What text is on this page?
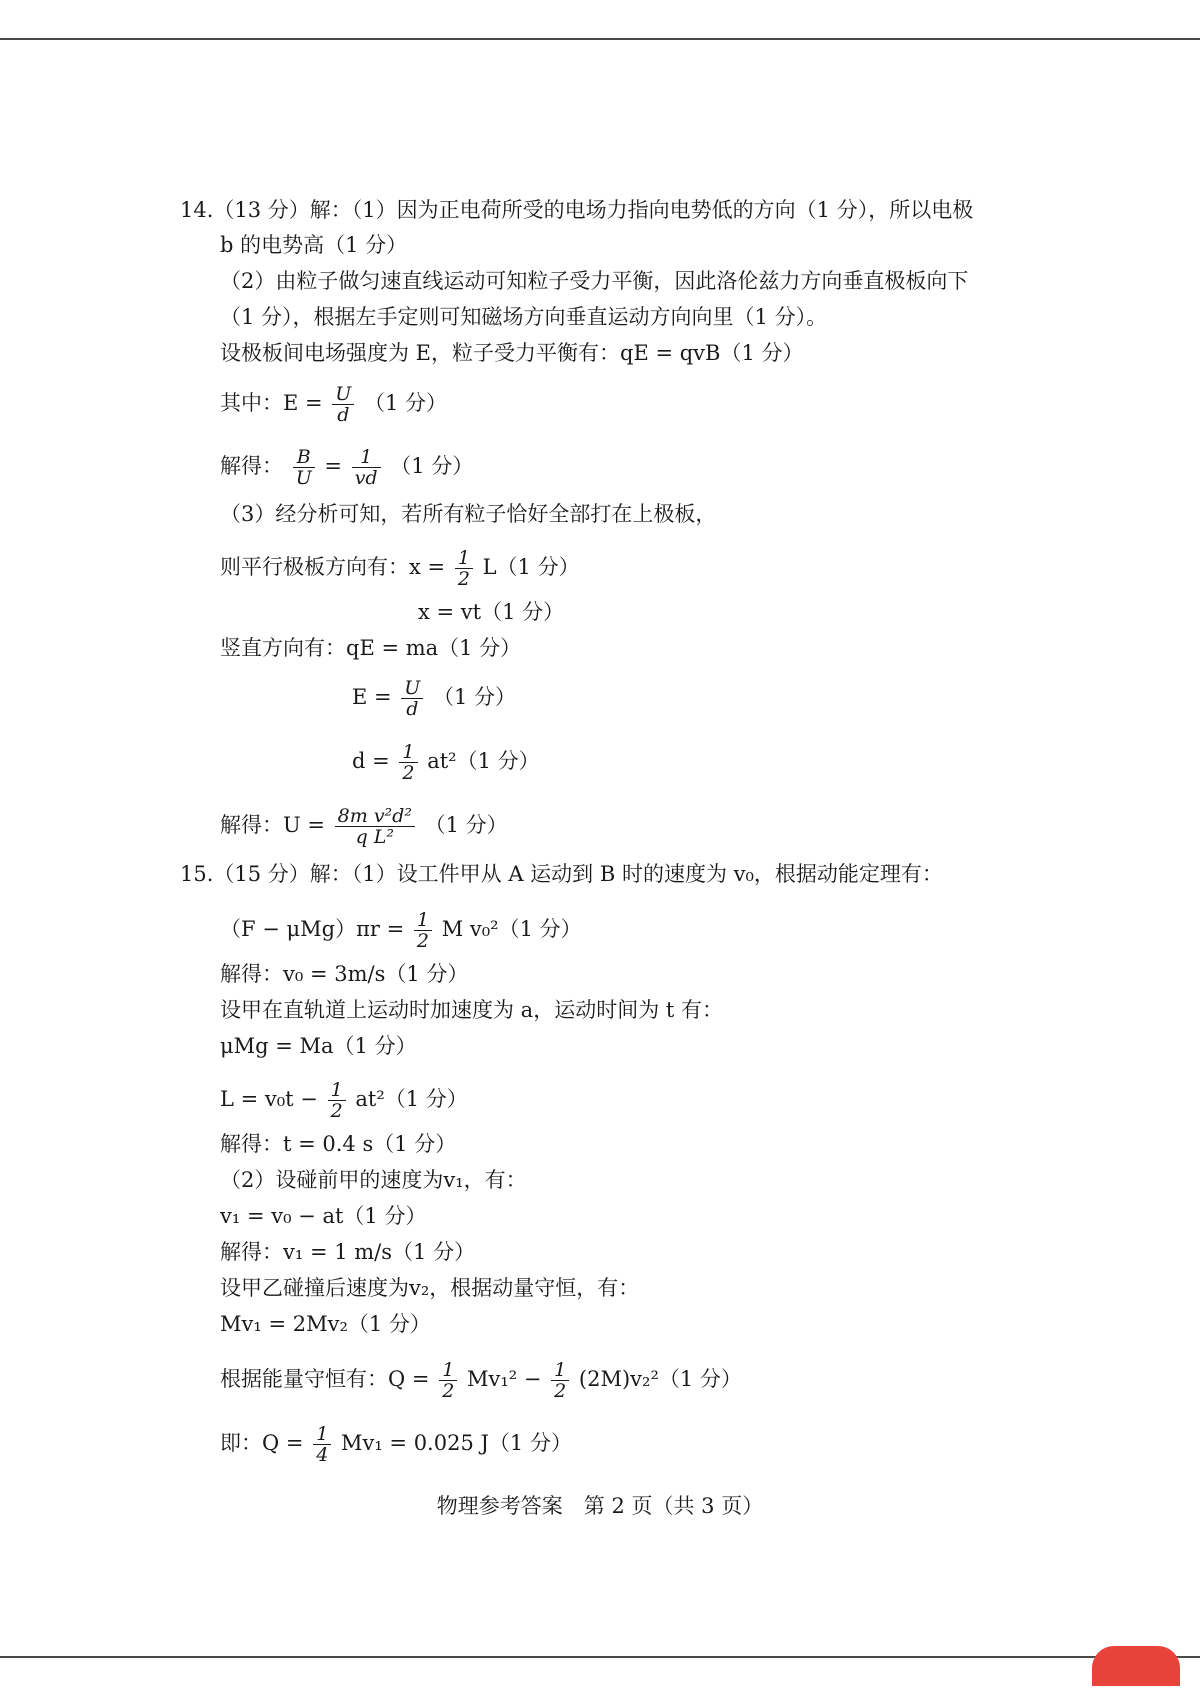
14.（13 分）解：（1）因为正电荷所受的电场力指向电势低的方向（1 分），所以电极
b 的电势高（1 分）
（2）由粒子做匀速直线运动可知粒子受力平衡，因此洛伦兹力方向垂直极板向下
（1 分），根据左手定则可知磁场方向垂直运动方向向里（1 分）。
设极板间电场强度为 E，粒子受力平衡有：qE = qvB（1 分）
其中：$E = \frac{U}{d} (1$ 分）
解得： $\frac{B}{U} = \frac{1}{vd} (1$ 分）
（3）经分析可知，若所有粒子恰好全部打在上极板，
则平行极板方向有：$x = \frac{1}{2} L(1$ 分）
x = vt（1 分）
竖直方向有：qE = ma（1 分）
$E = \frac{U}{d} (1$ 分）
$d = \frac{1}{2} at^2(1$ 分）
解得：$U = \frac{\text{8m v²d²}}{\text{q L²}} (1$ 分）
15.（15 分）解：（1）设工件甲从 A 运动到 B 时的速度为 v₀，根据动能定理有：
$(F - \mu Mg)\pi r = \frac{1}{2}$ M v₀²（1 分）
解得：v₀ = 3m/s（1 分）
设甲在直轨道上运动时加速度为 a，运动时间为 t 有：
μMg = Ma（1 分）
$L = v_0t - \frac{1}{2} at^2(1$ 分）
解得：t = 0.4 s（1 分）
（2）设碰前甲的速度为v₁，有：
v₁ = v₀ − at（1 分）
解得：v₁ = 1 m/s（1 分）
设甲乙碰撞后速度为v₂，根据动量守恒，有：
Mv₁ = 2Mv₂（1 分）
根据能量守恒有：$Q = \frac{1}{2} Mv_1^2 - \frac{1}{2} (2M)v_2^2(1$ 分）
即：$Q = \frac{1}{4} Mv_1 = 0.025$ J（1 分）
物理参考答案　第 2 页（共 3 页）
